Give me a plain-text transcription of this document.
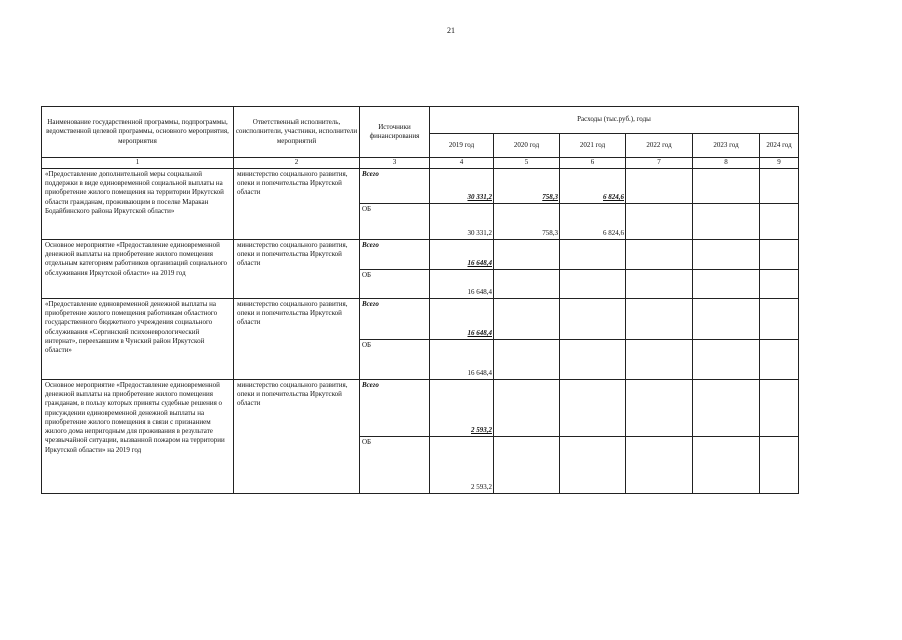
21
Наименование государственной программы, подпрограммы, ведомственной целевой программы, основного мероприятия, мероприятия	Ответственный исполнитель, соисполнители, участники, исполнители мероприятий	Источники финансирования	Расходы (тыс.руб.), годы					
			2019 год	2020 год	2021 год	2022 год	2023 год	2024 год
1	2	3	4	5	6	7	8	9
«Предоставление дополнительной меры социальной поддержки в виде единовременной социальной выплаты на приобретение жилого помещения на территории Иркутской области гражданам, проживающим в поселке Маракан Бодайбинского района Иркутской области»	министерство социального развития, опеки и попечительства Иркутской области	Всего	30 331,2	758,3	6 824,6			
		ОБ	30 331,2	758,3	6 824,6			
Основное мероприятие «Предоставление единовременной денежной выплаты на приобретение жилого помещения отдельным категориям работников организаций социального обслуживания Иркутской области» на 2019 год	министерство социального развития, опеки и попечительства Иркутской области	Всего	16 648,4					
		ОБ	16 648,4					
«Предоставление единовременной денежной выплаты на приобретение жилого помещения работникам областного государственного бюджетного учреждения социального обслуживания «Сергинский психоневрологический интернат», переехавшим в Чунский район Иркутской области»	министерство социального развития, опеки и попечительства Иркутской области	Всего	16 648,4					
		ОБ	16 648,4					
Основное мероприятие «Предоставление единовременной денежной выплаты на приобретение жилого помещения гражданам, в пользу которых приняты судебные решения о присуждении единовременной денежной выплаты на приобретение жилого помещения в связи с признанием жилого дома непригодным для проживания в результате чрезвычайной ситуации, вызванной пожаром на территории Иркутской области» на 2019 год	министерство социального развития, опеки и попечительства Иркутской области	Всего	2 593,2					
		ОБ	2 593,2					
